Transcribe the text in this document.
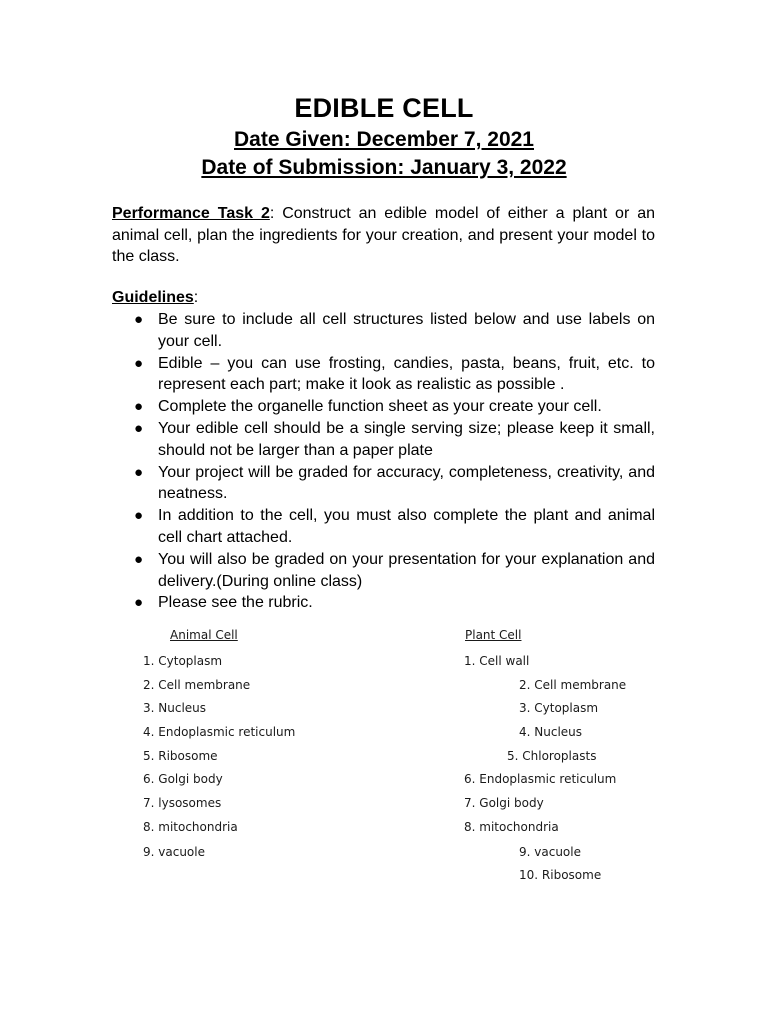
EDIBLE CELL
Date Given: December 7, 2021
Date of Submission: January 3, 2022
Performance Task 2: Construct an edible model of either a plant or an animal cell, plan the ingredients for your creation, and present your model to the class.
Guidelines:
● Be sure to include all cell structures listed below and use labels on your cell.
● Edible – you can use frosting, candies, pasta, beans, fruit, etc. to represent each part; make it look as realistic as possible .
● Complete the organelle function sheet as your create your cell.
● Your edible cell should be a single serving size; please keep it small, should not be larger than a paper plate
● Your project will be graded for accuracy, completeness, creativity, and neatness.
● In addition to the cell, you must also complete the plant and animal cell chart attached.
● You will also be graded on your presentation for your explanation and delivery.(During online class)
● Please see the rubric.
Animal Cell
1. Cytoplasm
2. Cell membrane
3. Nucleus
4. Endoplasmic reticulum
5. Ribosome
6. Golgi body
7. lysosomes
8. mitochondria
9. vacuole
Plant Cell
1. Cell wall
2. Cell membrane
3. Cytoplasm
4. Nucleus
5. Chloroplasts
6. Endoplasmic reticulum
7. Golgi body
8. mitochondria
9. vacuole
10. Ribosome
